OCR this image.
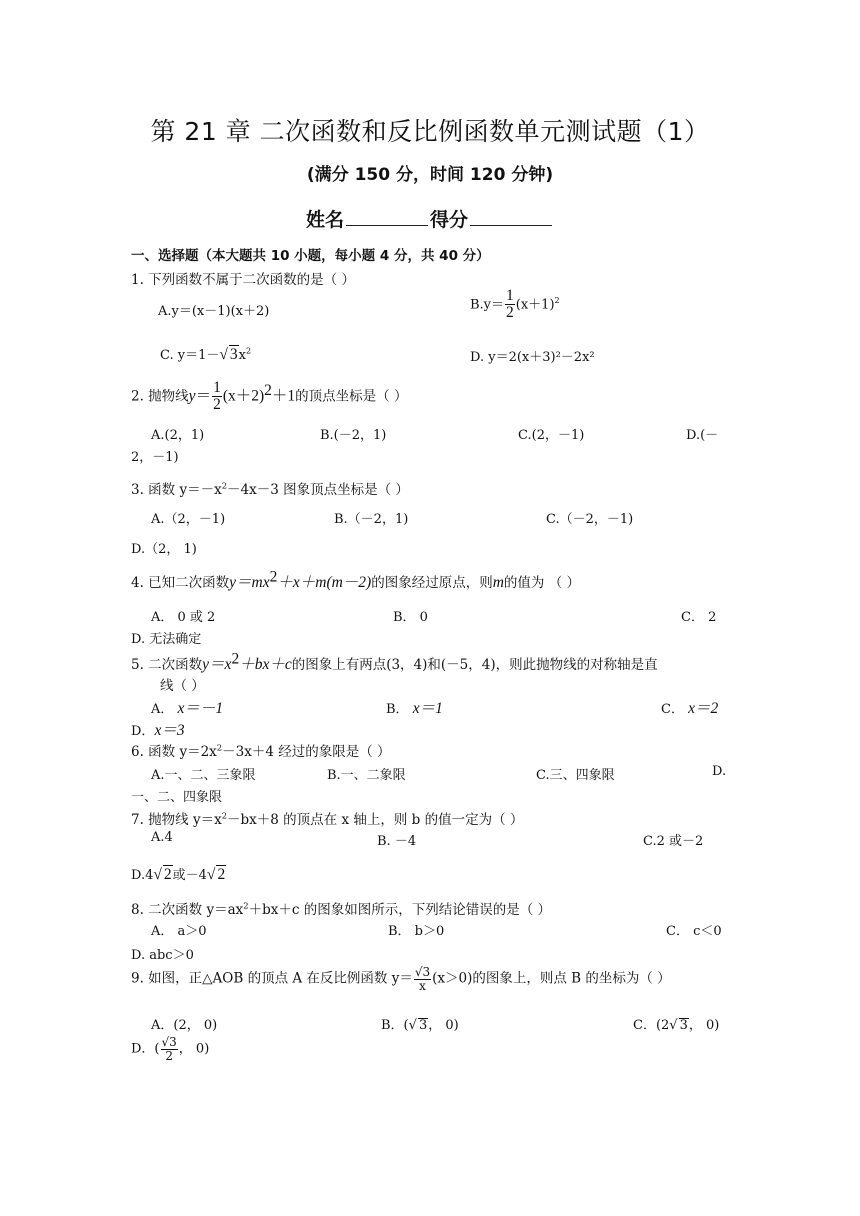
第 21 章 二次函数和反比例函数单元测试题（1）
(满分 150 分，时间 120 分钟)
姓名	得分
一、选择题（本大题共 10 小题，每小题 4 分，共 40 分）
1. 下列函数不属于二次函数的是（ ）
A.y＝(x－1)(x＋2)	$B.y= \frac{1}{2} (x+1)^2$
C. y＝1－√ $3x^2$	D. y＝2(x＋3)²－2x²
2. 抛物线$y= \frac{1}{2} (x+2)^2+1$的顶点坐标是（ ）
A.(2，1)	B.(－2，1)	C.(2，－1)	D.(－
2，－1)
3. 函数 $y=-x^2-4x-3$ 图象顶点坐标是（ ）
A.（2，－1)	B.（－2，1)	C.（－2，－1)
D.（2， 1)
4. 已知二次函数$y=mx^2+x+m(m-2)$的图象经过原点，则m的值为 （ ）
A． 0 或 2	B． 0	C． 2
D. 无法确定
5. 二次函数$y=x^2+bx+c$的图象上有两点(3，4)和(－5，4)，则此抛物线的对称轴是直
线（ ）
A． x＝－1	B． x＝1	C． x＝2
D．x＝3
6. 函数 $y=2x^2-3x+4$ 经过的象限是（ ）
A.一、二、三象限	B.一、二象限	C.三、四象限	D.
一、二、四象限
7. 抛物线 $y=x^2-bx+8$ 的顶点在 x 轴上，则 b 的值一定为（ ）
A.4	B. －4	C.2 或－2
D.4√ 2或－4√ 2
8. 二次函数 $y=ax^2+bx+c$ 的图象如图所示，下列结论错误的是（ ）
A． a＞0	B． b＞0	C． c＜0
D. abc＞0
9. 如图，正△AOB 的顶点 A 在反比例函数 $y= \frac{√3}{x} (x>0)$的图象上，则点 B 的坐标为（ ）
A．(2， 0)	B．(√ 3， 0)	C．(2√ 3， 0)
D．( $\frac{√3}{2}$ ， 0)
